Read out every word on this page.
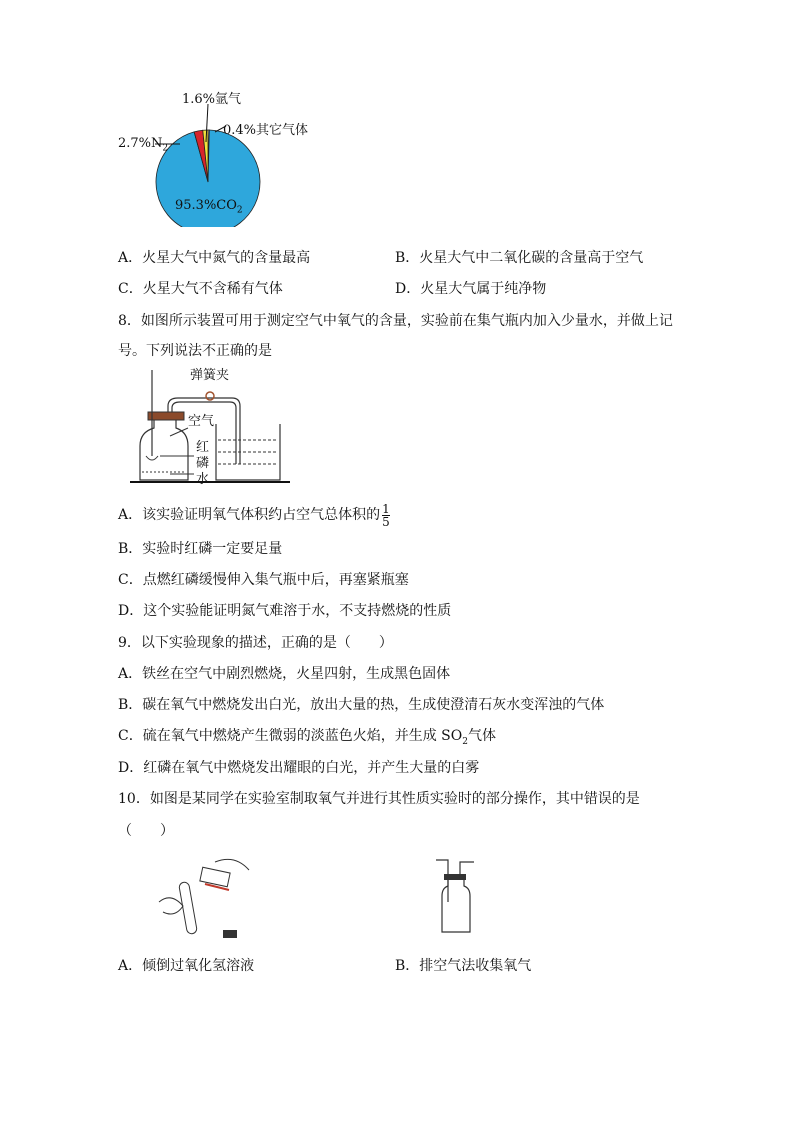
1.6%氩气
0.4%其它气体
$2.7\%N_2$
$95.3\%CO_2$
A．火星大气中氮气的含量最高	B．火星大气中二氧化碳的含量高于空气
C．火星大气不含稀有气体	D．火星大气属于纯净物
8．如图所示装置可用于测定空气中氧气的含量，实验前在集气瓶内加入少量水，并做上记
号。下列说法不正确的是
弹簧夹
空气
红
磷
水
A．该实验证明氧气体积约占空气总体积的 $\frac{1}{5}$
B．实验时红磷一定要足量
C．点燃红磷缓慢伸入集气瓶中后，再塞紧瓶塞
D．这个实验能证明氮气难溶于水，不支持燃烧的性质
9．以下实验现象的描述，正确的是（　　）
A．铁丝在空气中剧烈燃烧，火星四射，生成黑色固体
B．碳在氧气中燃烧发出白光，放出大量的热，生成使澄清石灰水变浑浊的气体
C．硫在氧气中燃烧产生微弱的淡蓝色火焰，并生成 $SO_2$气体
D．红磷在氧气中燃烧发出耀眼的白光，并产生大量的白雾
10．如图是某同学在实验室制取氧气并进行其性质实验时的部分操作，其中错误的是
（　　）
A．倾倒过氧化氢溶液	B．排空气法收集氧气
